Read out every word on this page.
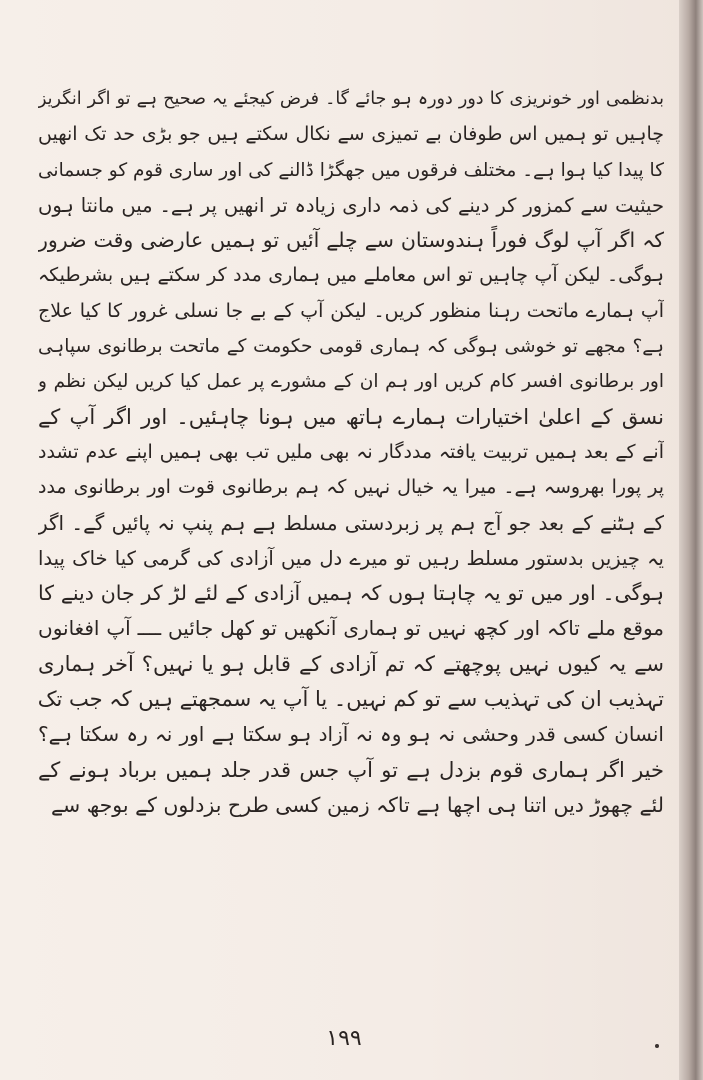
بدنظمی اور خونریزی کا دور دورہ ہو جائے گا۔ فرض کیجئے یہ صحیح ہے تو اگر انگریز
چاہیں تو ہمیں اس طوفان بے تمیزی سے نکال سکتے ہیں جو بڑی حد تک انھیں
کا پیدا کیا ہوا ہے۔ مختلف فرقوں میں جھگڑا ڈالنے کی اور ساری قوم کو جسمانی
حیثیت سے کمزور کر دینے کی ذمہ داری زیادہ تر انھیں پر ہے۔ میں مانتا ہوں
کہ اگر آپ لوگ فوراً ہندوستان سے چلے آئیں تو ہمیں عارضی وقت ضرور
ہوگی۔ لیکن آپ چاہیں تو اس معاملے میں ہماری مدد کر سکتے ہیں بشرطیکہ
آپ ہمارے ماتحت رہنا منظور کریں۔ لیکن آپ کے بے جا نسلی غرور کا کیا علاج
ہے؟ مجھے تو خوشی ہوگی کہ ہماری قومی حکومت کے ماتحت برطانوی سپاہی
اور برطانوی افسر کام کریں اور ہم ان کے مشورے پر عمل کیا کریں لیکن نظم و
نسق کے اعلیٰ اختیارات ہمارے ہاتھ میں ہونا چاہئیں۔ اور اگر آپ کے
آنے کے بعد ہمیں تربیت یافتہ مددگار نہ بھی ملیں تب بھی ہمیں اپنے عدم تشدد
پر پورا بھروسہ ہے۔ میرا یہ خیال نہیں کہ ہم برطانوی قوت اور برطانوی مدد
کے ہٹنے کے بعد جو آج ہم پر زبردستی مسلط ہے ہم پنپ نہ پائیں گے۔ اگر
یہ چیزیں بدستور مسلط رہیں تو میرے دل میں آزادی کی گرمی کیا خاک پیدا
ہوگی۔ اور میں تو یہ چاہتا ہوں کہ ہمیں آزادی کے لئے لڑ کر جان دینے کا
موقع ملے تاکہ اور کچھ نہیں تو ہماری آنکھیں تو کھل جائیں ــــ آپ افغانوں
سے یہ کیوں نہیں پوچھتے کہ تم آزادی کے قابل ہو یا نہیں؟ آخر ہماری
تہذیب ان کی تہذیب سے تو کم نہیں۔ یا آپ یہ سمجھتے ہیں کہ جب تک
انسان کسی قدر وحشی نہ ہو وہ نہ آزاد ہو سکتا ہے اور نہ رہ سکتا ہے؟
خیر اگر ہماری قوم بزدل ہے تو آپ جس قدر جلد ہمیں برباد ہونے کے
لئے چھوڑ دیں اتنا ہی اچھا ہے تاکہ زمین کسی طرح بزدلوں کے بوجھ سے
١٩٩
